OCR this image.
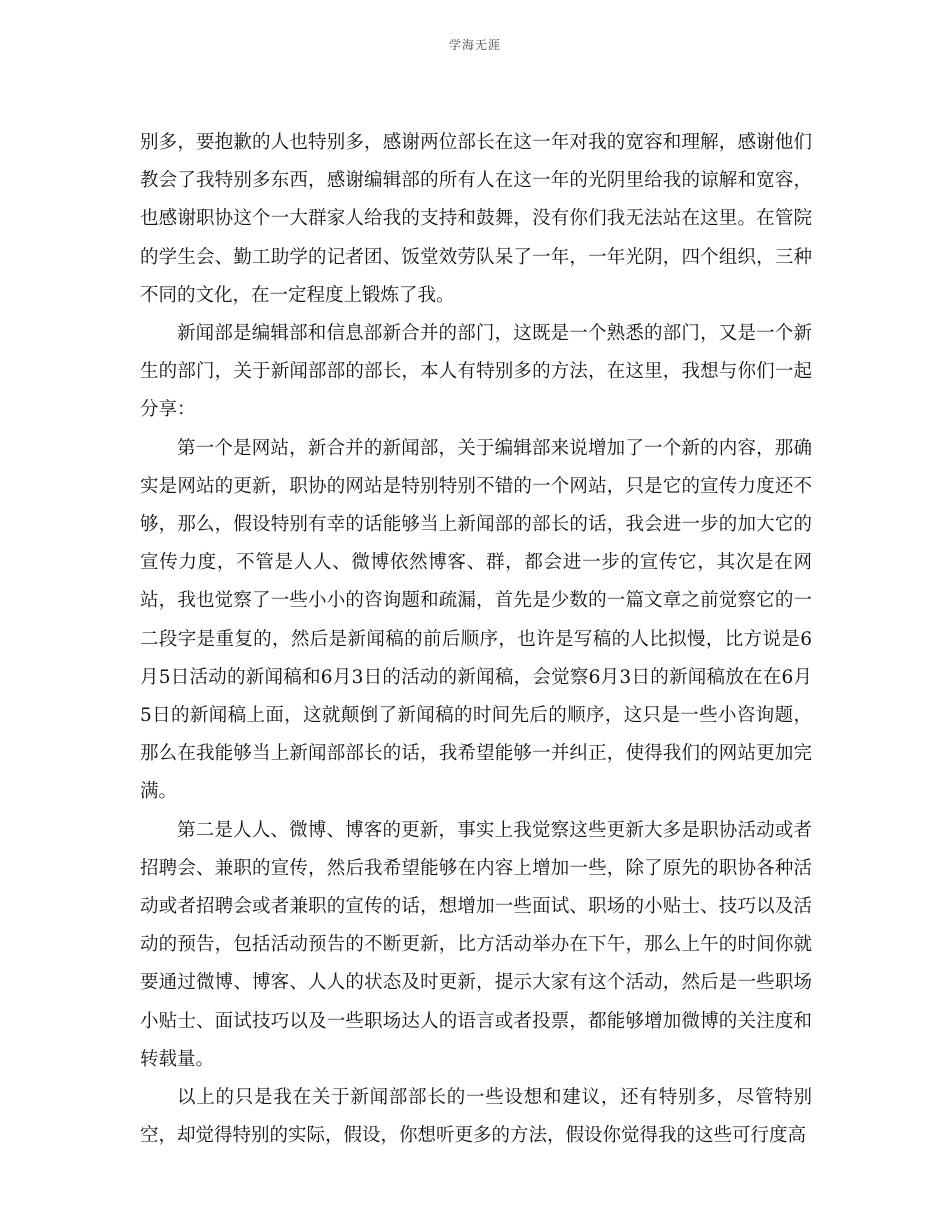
学海无涯

别多，要抱歉的人也特别多，感谢两位部长在这一年对我的宽容和理解，感谢他们教会了我特别多东西，感谢编辑部的所有人在这一年的光阴里给我的谅解和宽容，也感谢职协这个一大群家人给我的支持和鼓舞，没有你们我无法站在这里。在管院的学生会、勤工助学的记者团、饭堂效劳队呆了一年，一年光阴，四个组织，三种不同的文化，在一定程度上锻炼了我。

新闻部是编辑部和信息部新合并的部门，这既是一个熟悉的部门，又是一个新生的部门，关于新闻部部的部长，本人有特别多的方法，在这里，我想与你们一起分享：

第一个是网站，新合并的新闻部，关于编辑部来说增加了一个新的内容，那确实是网站的更新，职协的网站是特别特别不错的一个网站，只是它的宣传力度还不够，那么，假设特别有幸的话能够当上新闻部的部长的话，我会进一步的加大它的宣传力度，不管是人人、微博依然博客、群，都会进一步的宣传它，其次是在网站，我也觉察了一些小小的咨询题和疏漏，首先是少数的一篇文章之前觉察它的一二段字是重复的，然后是新闻稿的前后顺序，也许是写稿的人比拟慢，比方说是6月5日活动的新闻稿和6月3日的活动的新闻稿，会觉察6月3日的新闻稿放在在6月5日的新闻稿上面，这就颠倒了新闻稿的时间先后的顺序，这只是一些小咨询题，那么在我能够当上新闻部部长的话，我希望能够一并纠正，使得我们的网站更加完满。

第二是人人、微博、博客的更新，事实上我觉察这些更新大多是职协活动或者招聘会、兼职的宣传，然后我希望能够在内容上增加一些，除了原先的职协各种活动或者招聘会或者兼职的宣传的话，想增加一些面试、职场的小贴士、技巧以及活动的预告，包括活动预告的不断更新，比方活动举办在下午，那么上午的时间你就要通过微博、博客、人人的状态及时更新，提示大家有这个活动，然后是一些职场小贴士、面试技巧以及一些职场达人的语言或者投票，都能够增加微博的关注度和转载量。

以上的只是我在关于新闻部部长的一些设想和建议，还有特别多，尽管特别空，却觉得特别的实际，假设，你想听更多的方法，假设你觉得我的这些可行度高
